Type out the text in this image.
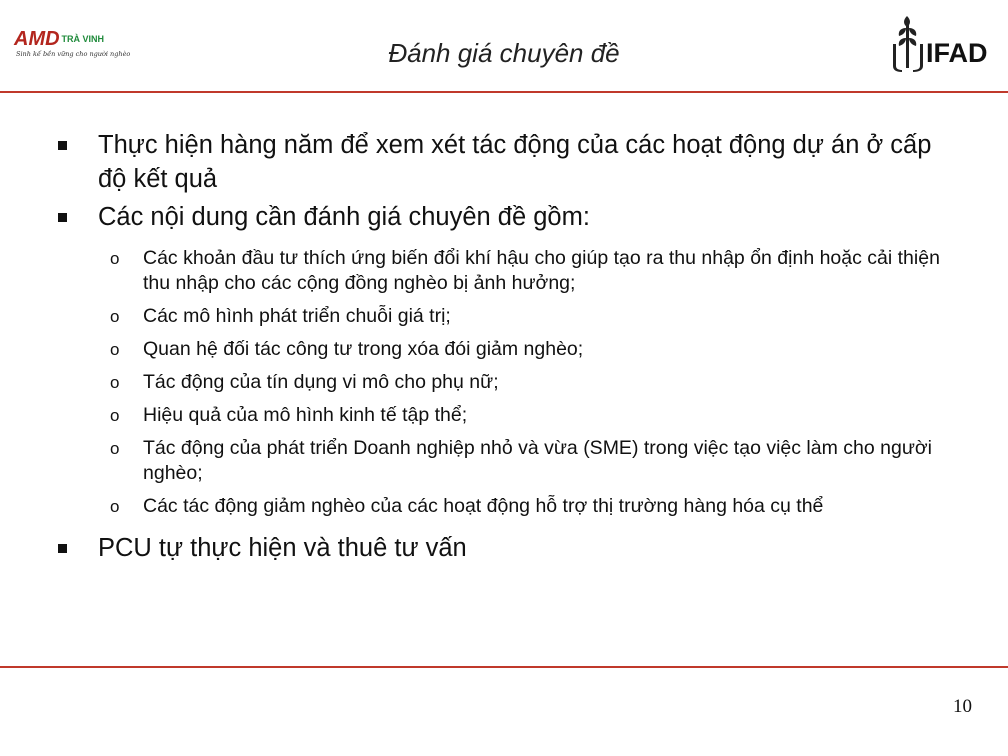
AMD TRÀ VINH
Sinh kế bền vững cho người nghèo	Đánh giá chuyên đề	IFAD
Thực hiện hàng năm để xem xét tác động của các hoạt động dự án ở cấp độ kết quả
Các nội dung cần đánh giá chuyên đề gồm:
o Các khoản đầu tư thích ứng biến đổi khí hậu cho giúp tạo ra thu nhập ổn định hoặc cải thiện thu nhập cho các cộng đồng nghèo bị ảnh hưởng;
o Các mô hình phát triển chuỗi giá trị;
o Quan hệ đối tác công tư trong xóa đói giảm nghèo;
o Tác động của tín dụng vi mô cho phụ nữ;
o Hiệu quả của mô hình kinh tế tập thể;
o Tác động của phát triển Doanh nghiệp nhỏ và vừa (SME) trong việc tạo việc làm cho người nghèo;
o Các tác động giảm nghèo của các hoạt động hỗ trợ thị trường hàng hóa cụ thể
PCU tự thực hiện và thuê tư vấn
10
